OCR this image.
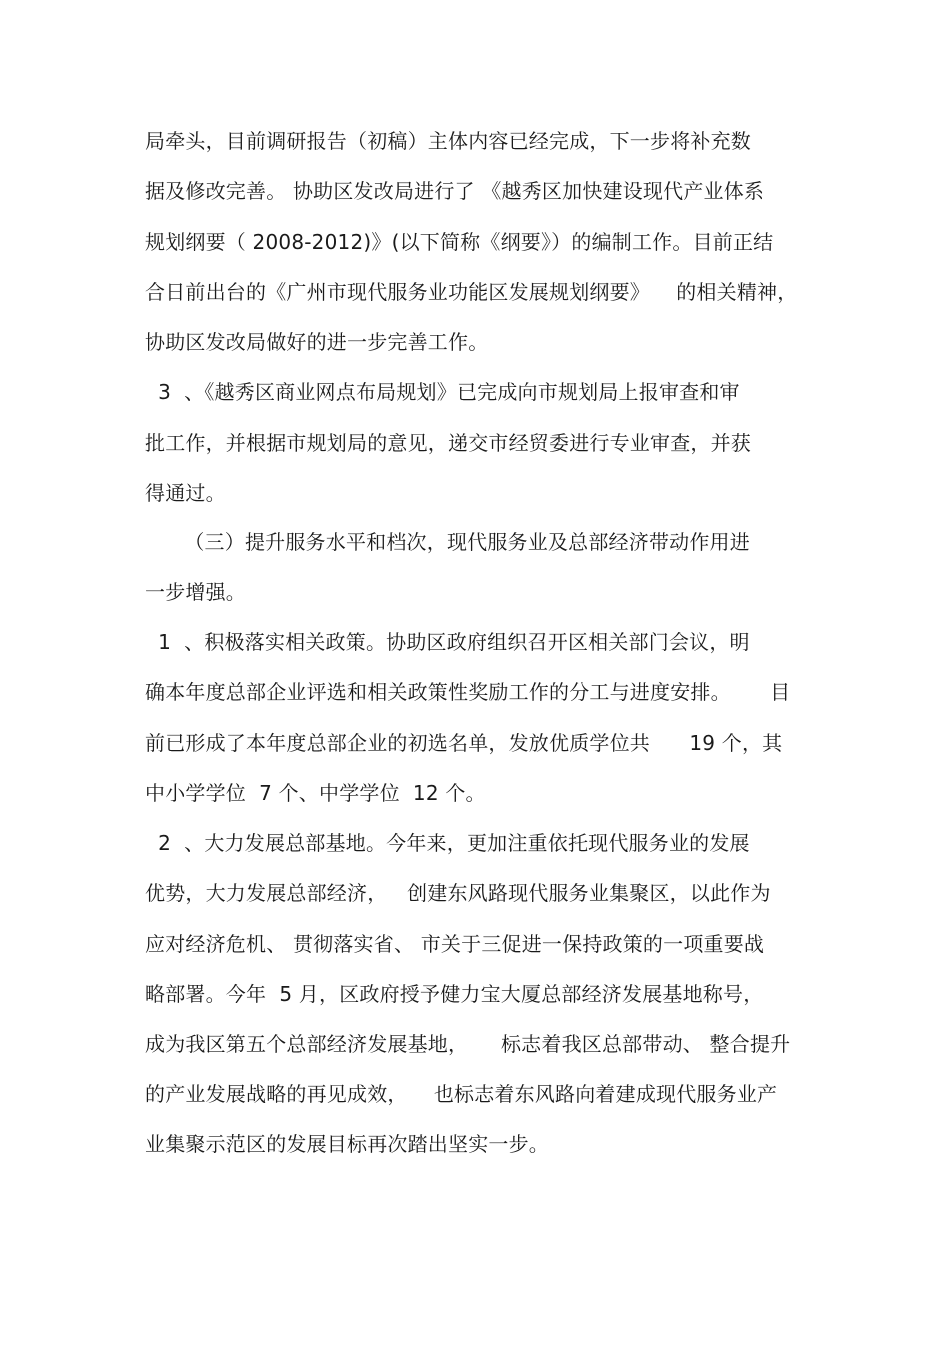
局牵头，目前调研报告（初稿）主体内容已经完成，下一步将补充数
据及修改完善。 协助区发改局进行了 《越秀区加快建设现代产业体系
规划纲要（ 2008-2012)》(以下简称《纲要》）的编制工作。目前正结
合日前出台的《广州市现代服务业功能区发展规划纲要》    的相关精神，
协助区发改局做好的进一步完善工作。
3  、《越秀区商业网点布局规划》已完成向市规划局上报审查和审
批工作，并根据市规划局的意见，递交市经贸委进行专业审查，并获
得通过。
（三）提升服务水平和档次，现代服务业及总部经济带动作用进
一步增强。
1  、积极落实相关政策。协助区政府组织召开区相关部门会议，明
确本年度总部企业评选和相关政策性奖励工作的分工与进度安排。      目
前已形成了本年度总部企业的初选名单，发放优质学位共      19 个，其
中小学学位  7 个、中学学位  12 个。
2  、大力发展总部基地。今年来，更加注重依托现代服务业的发展
优势，大力发展总部经济，   创建东风路现代服务业集聚区，以此作为
应对经济危机、 贯彻落实省、 市关于三促进一保持政策的一项重要战
略部署。今年  5 月，区政府授予健力宝大厦总部经济发展基地称号，
成为我区第五个总部经济发展基地，     标志着我区总部带动、 整合提升
的产业发展战略的再见成效，    也标志着东风路向着建成现代服务业产
业集聚示范区的发展目标再次踏出坚实一步。
